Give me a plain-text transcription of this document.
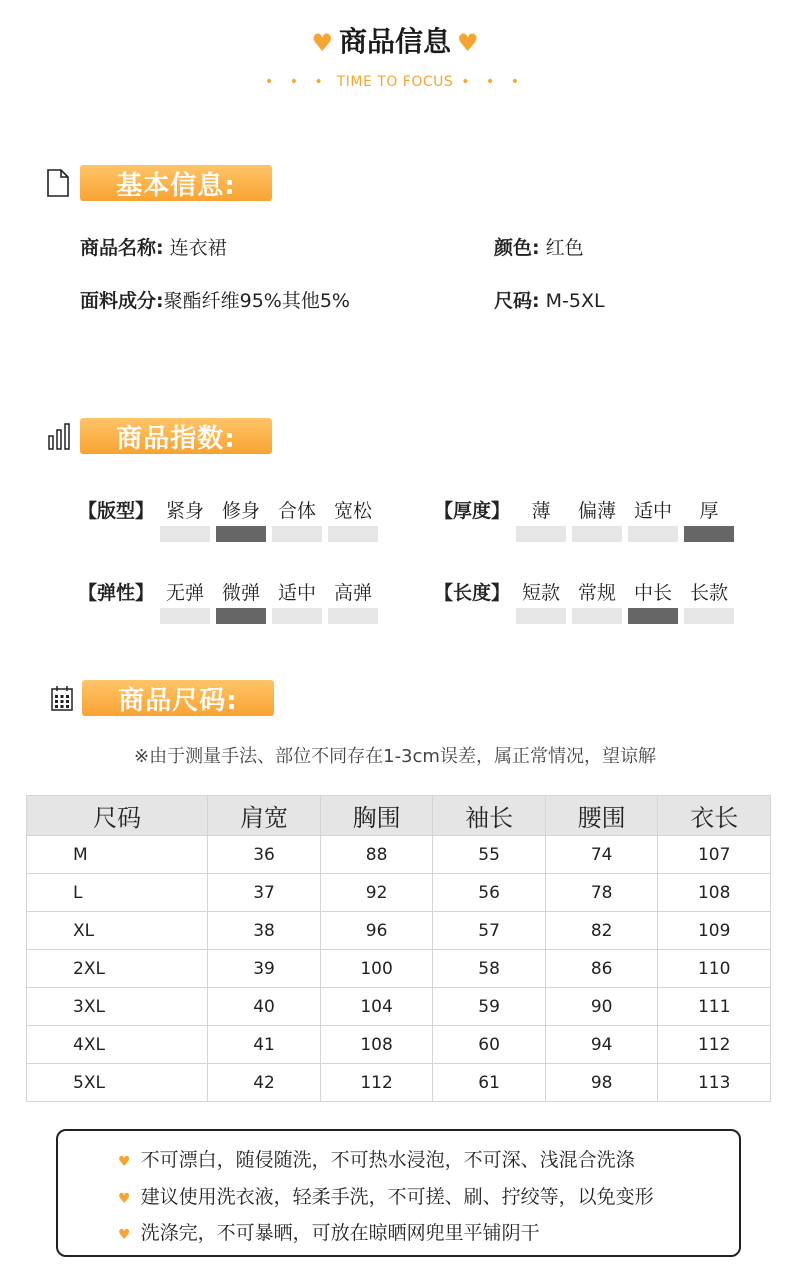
♥ 商品信息 ♥
• • • TIME TO FOCUS • • •
基本信息:
商品名称: 连衣裙	颜色: 红色
面料成分:聚酯纤维95%其他5%	尺码: M-5XL
商品指数:
【版型】 紧身 修身 合体 宽松	【厚度】	薄	偏薄 适中	厚
【弹性】 无弹 微弹 适中 高弹	【长度】 短款 常规 中长 长款
商品尺码:
※由于测量手法、部位不同存在1-3cm误差，属正常情况，望谅解
尺码	肩宽	胸围	袖长	腰围	衣长
M	36	88	55	74	107
L	37	92	56	78	108
XL	38	96	57	82	109
2XL	39	100	58	86	110
3XL	40	104	59	90	111
4XL	41	108	60	94	112
5XL	42	112	61	98	113
♥ 不可漂白，随侵随洗，不可热水浸泡，不可深、浅混合洗涤
♥ 建议使用洗衣液，轻柔手洗，不可搓、刷、拧绞等，以免变形
♥ 洗涤完，不可暴晒，可放在晾晒网兜里平铺阴干
